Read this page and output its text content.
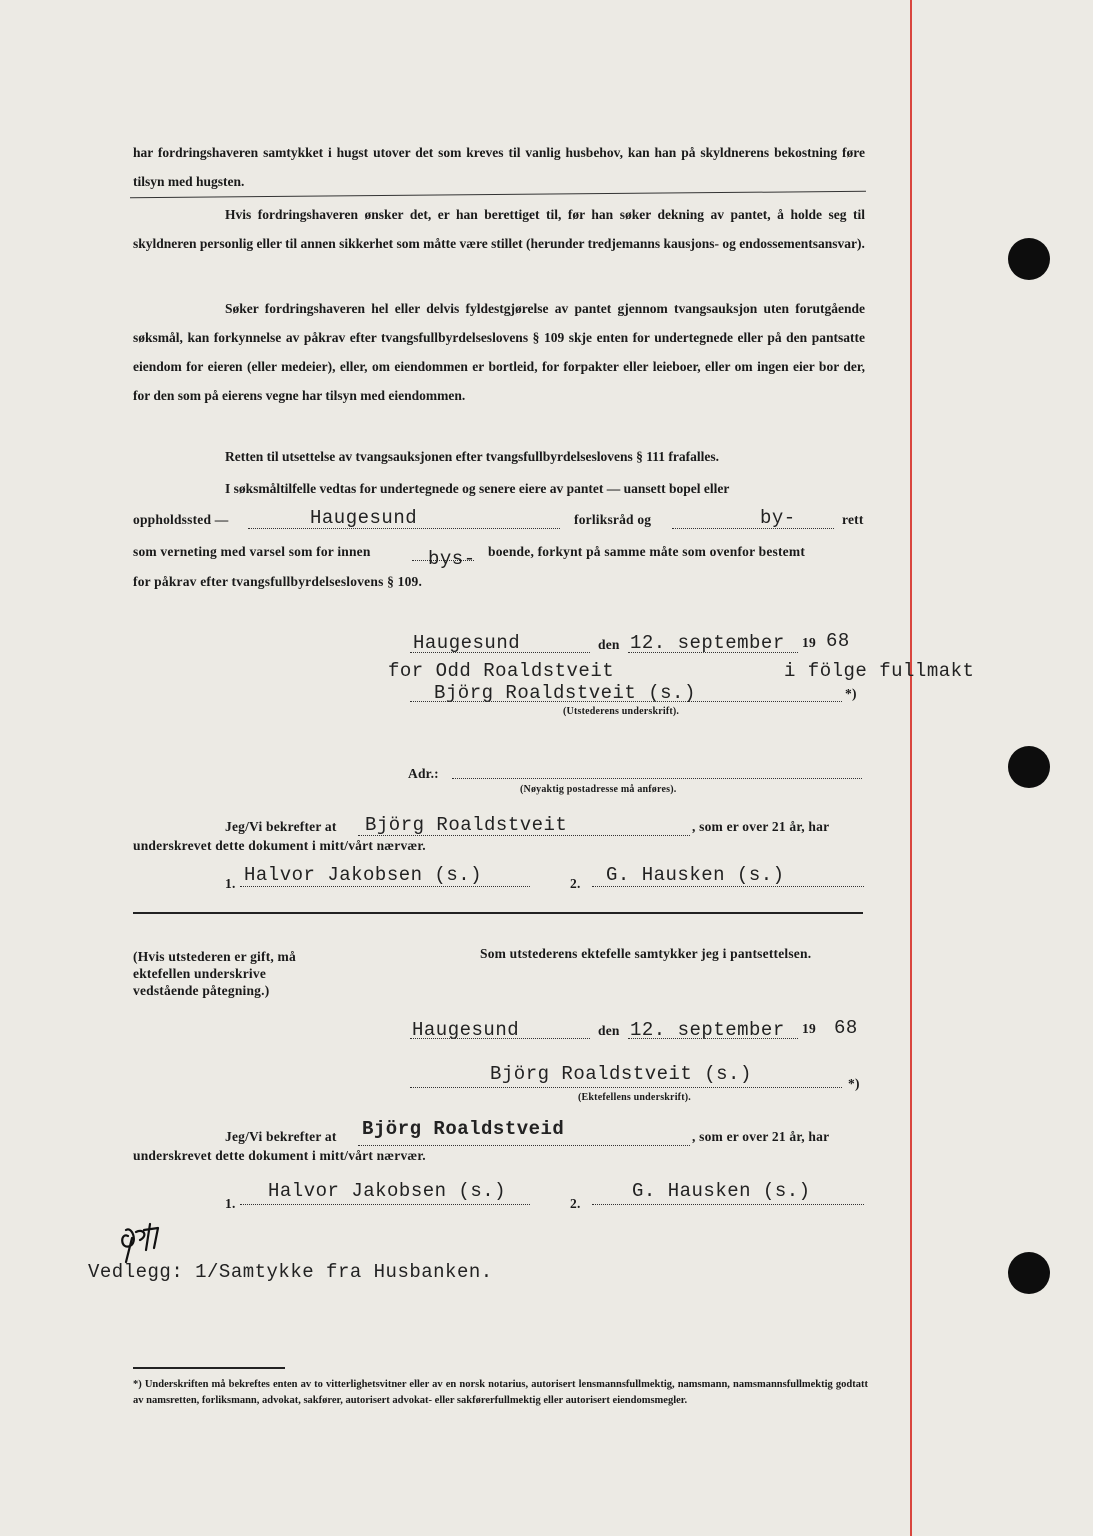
har fordringshaveren samtykket i hugst utover det som kreves til vanlig husbehov, kan han på skyldnerens bekostning føre tilsyn med hugsten.
Hvis fordringshaveren ønsker det, er han berettiget til, før han søker dekning av pantet, å holde seg til skyldneren personlig eller til annen sikkerhet som måtte være stillet (herunder tredjemanns kausjons- og endossementsansvar).
Søker fordringshaveren hel eller delvis fyldestgjørelse av pantet gjennom tvangsauksjon uten forutgående søksmål, kan forkynnelse av påkrav efter tvangsfullbyrdelseslovens § 109 skje enten for undertegnede eller på den pantsatte eiendom for eieren (eller medeier), eller, om eiendommen er bortleid, for forpakter eller leieboer, eller om ingen eier bor der, for den som på eierens vegne har tilsyn med eiendommen.
Retten til utsettelse av tvangsauksjonen efter tvangsfullbyrdelseslovens § 111 frafalles.
I søksmåltilfelle vedtas for undertegnede og senere eiere av pantet — uansett bopel eller
oppholdssted —	Haugesund	forliksråd og	by-	rett
som verneting med varsel som for innen	bys- boende, forkynt på samme måte som ovenfor bestemt
for påkrav efter tvangsfullbyrdelseslovens § 109.
Haugesund	den 12. september 19 68
for Odd Roaldstveit	i fölge fullmakt
Björg Roaldstveit (s.)	*)
(Utstederens underskrift).
Adr.:
(Nøyaktig postadresse må anføres).
Jeg/Vi bekrefter at Björg Roaldstveit	, som er over 21 år, har
underskrevet dette dokument i mitt/vårt nærvær.
1. Halvor Jakobsen (s.)	2. G. Hausken (s.)
(Hvis utstederen er gift, må ektefellen underskrive vedstående påtegning.)
Som utstederens ektefelle samtykker jeg i pantsettelsen.
Haugesund	den 12. september 19 68
Björg Roaldstveit (s.)	*)
(Ektefellens underskrift).
Jeg/Vi bekrefter at Björg Roaldstveid	, som er over 21 år, har
underskrevet dette dokument i mitt/vårt nærvær.
1.
Halvor Jakobsen (s.)
2.
G. Hausken (s.)
Vedlegg: 1/Samtykke fra Husbanken.
*) Underskriften må bekreftes enten av to vitterlighetsvitner eller av en norsk notarius, autorisert lensmannsfullmektig, namsmann, namsmannsfullmektig godtatt av namsretten, forliksmann, advokat, sakfører, autorisert advokat- eller sakførerfullmektig eller autorisert eiendomsmegler.
